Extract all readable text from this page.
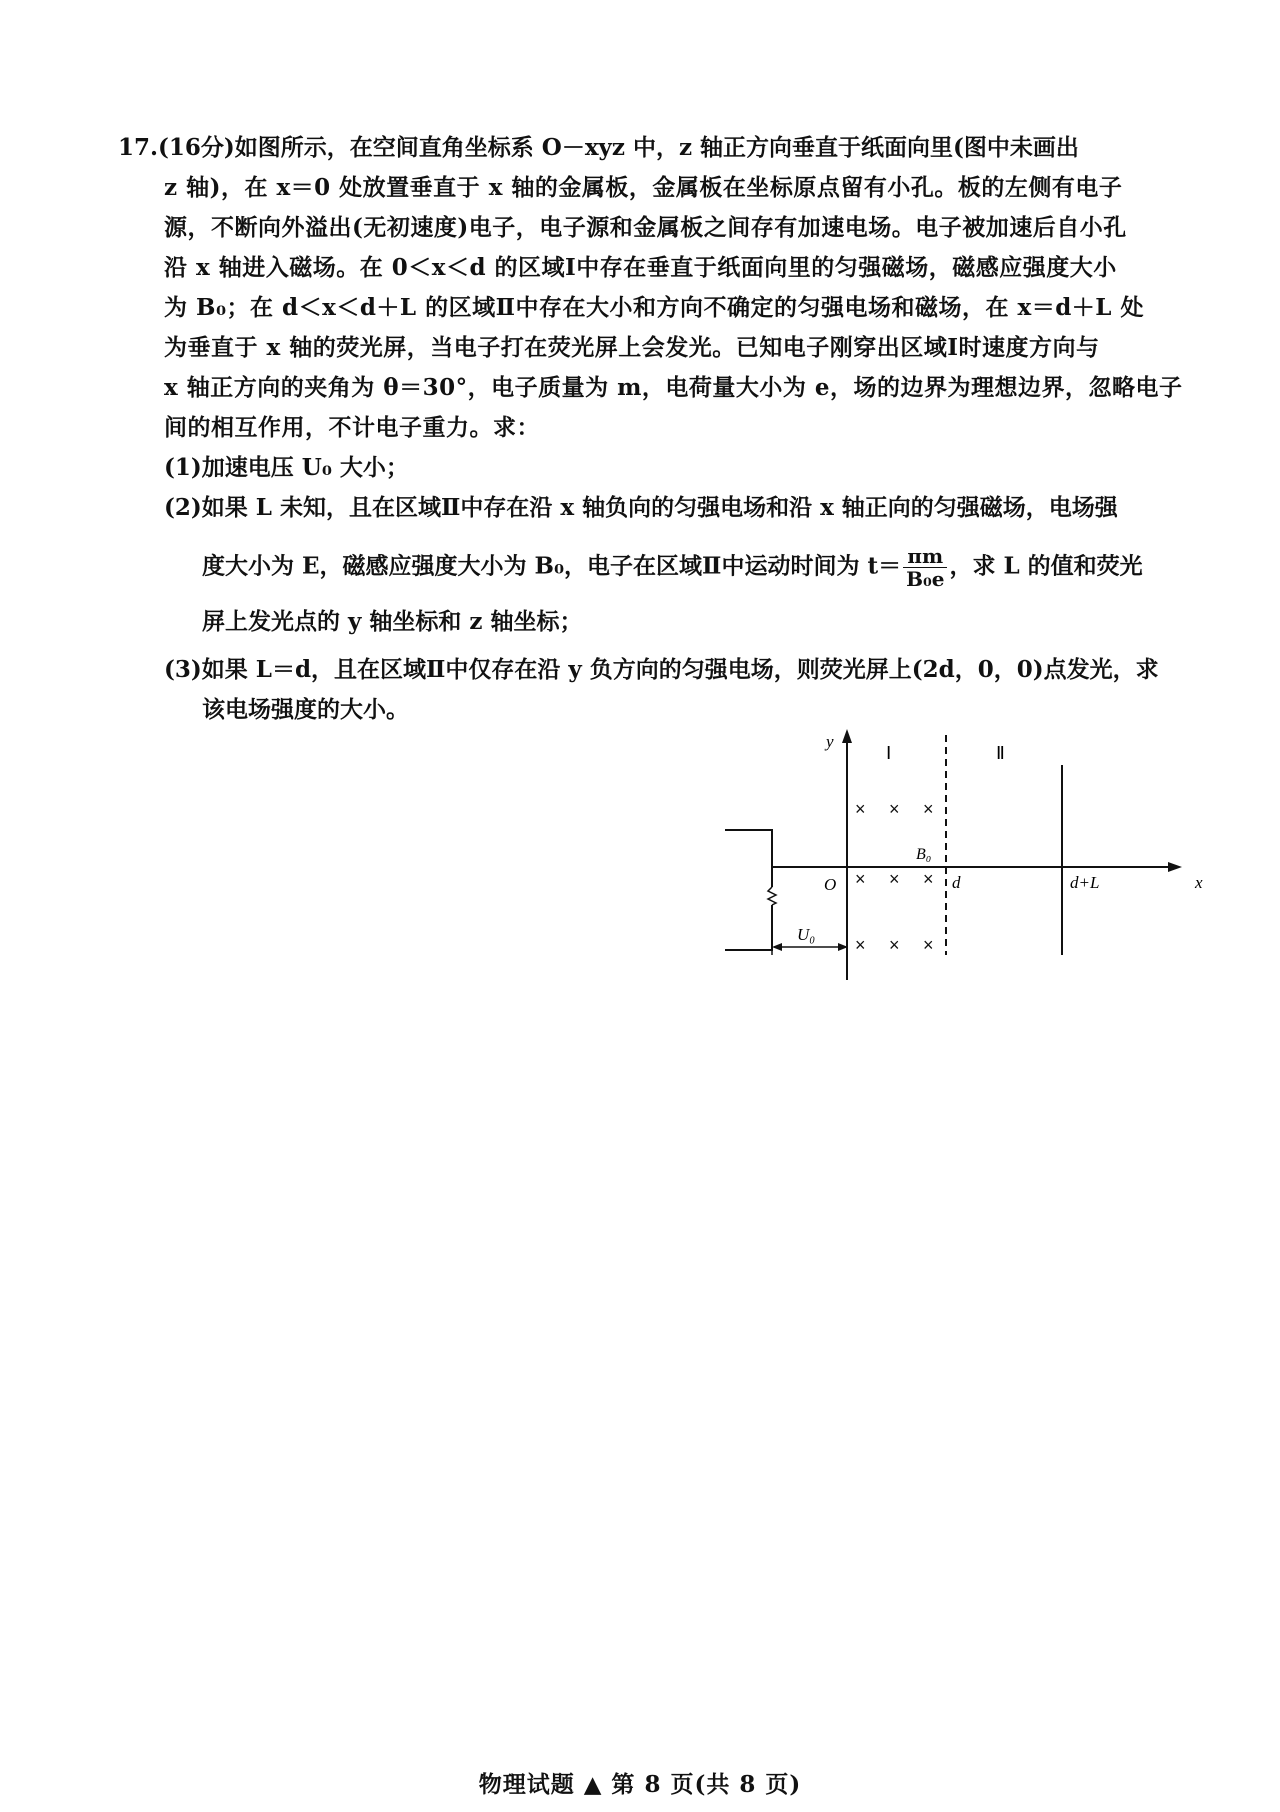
17.(16分)如图所示，在空间直角坐标系 O－xyz 中，z 轴正方向垂直于纸面向里(图中未画出
z 轴)，在 x＝0 处放置垂直于 x 轴的金属板，金属板在坐标原点留有小孔。板的左侧有电子
源，不断向外溢出(无初速度)电子，电子源和金属板之间存有加速电场。电子被加速后自小孔
沿 x 轴进入磁场。在 0＜x＜d 的区域Ⅰ中存在垂直于纸面向里的匀强磁场，磁感应强度大小
为 B₀；在 d＜x＜d＋L 的区域Ⅱ中存在大小和方向不确定的匀强电场和磁场，在 x＝d＋L 处
为垂直于 x 轴的荧光屏，当电子打在荧光屏上会发光。已知电子刚穿出区域Ⅰ时速度方向与
x 轴正方向的夹角为 θ＝30°，电子质量为 m，电荷量大小为 e，场的边界为理想边界，忽略电子
间的相互作用，不计电子重力。求：
(1)加速电压 U₀ 大小；
(2)如果 L 未知，且在区域Ⅱ中存在沿 x 轴负向的匀强电场和沿 x 轴正向的匀强磁场，电场强
度大小为 E，磁感应强度大小为 B₀，电子在区域Ⅱ中运动时间为 $t= \frac{\pi m}{\text{B₀e}}$ ，求 L 的值和荧光
屏上发光点的 y 轴坐标和 z 轴坐标；
(3)如果 L＝d，且在区域Ⅱ中仅存在沿 y 负方向的匀强电场，则荧光屏上(2d，0，0)点发光，求
该电场强度的大小。
U₀
y
x
O	d	d+L
Ⅰ	Ⅱ
B₀
× × ×
× × ×
× × ×
物理试题 ▲ 第 8 页(共 8 页)
